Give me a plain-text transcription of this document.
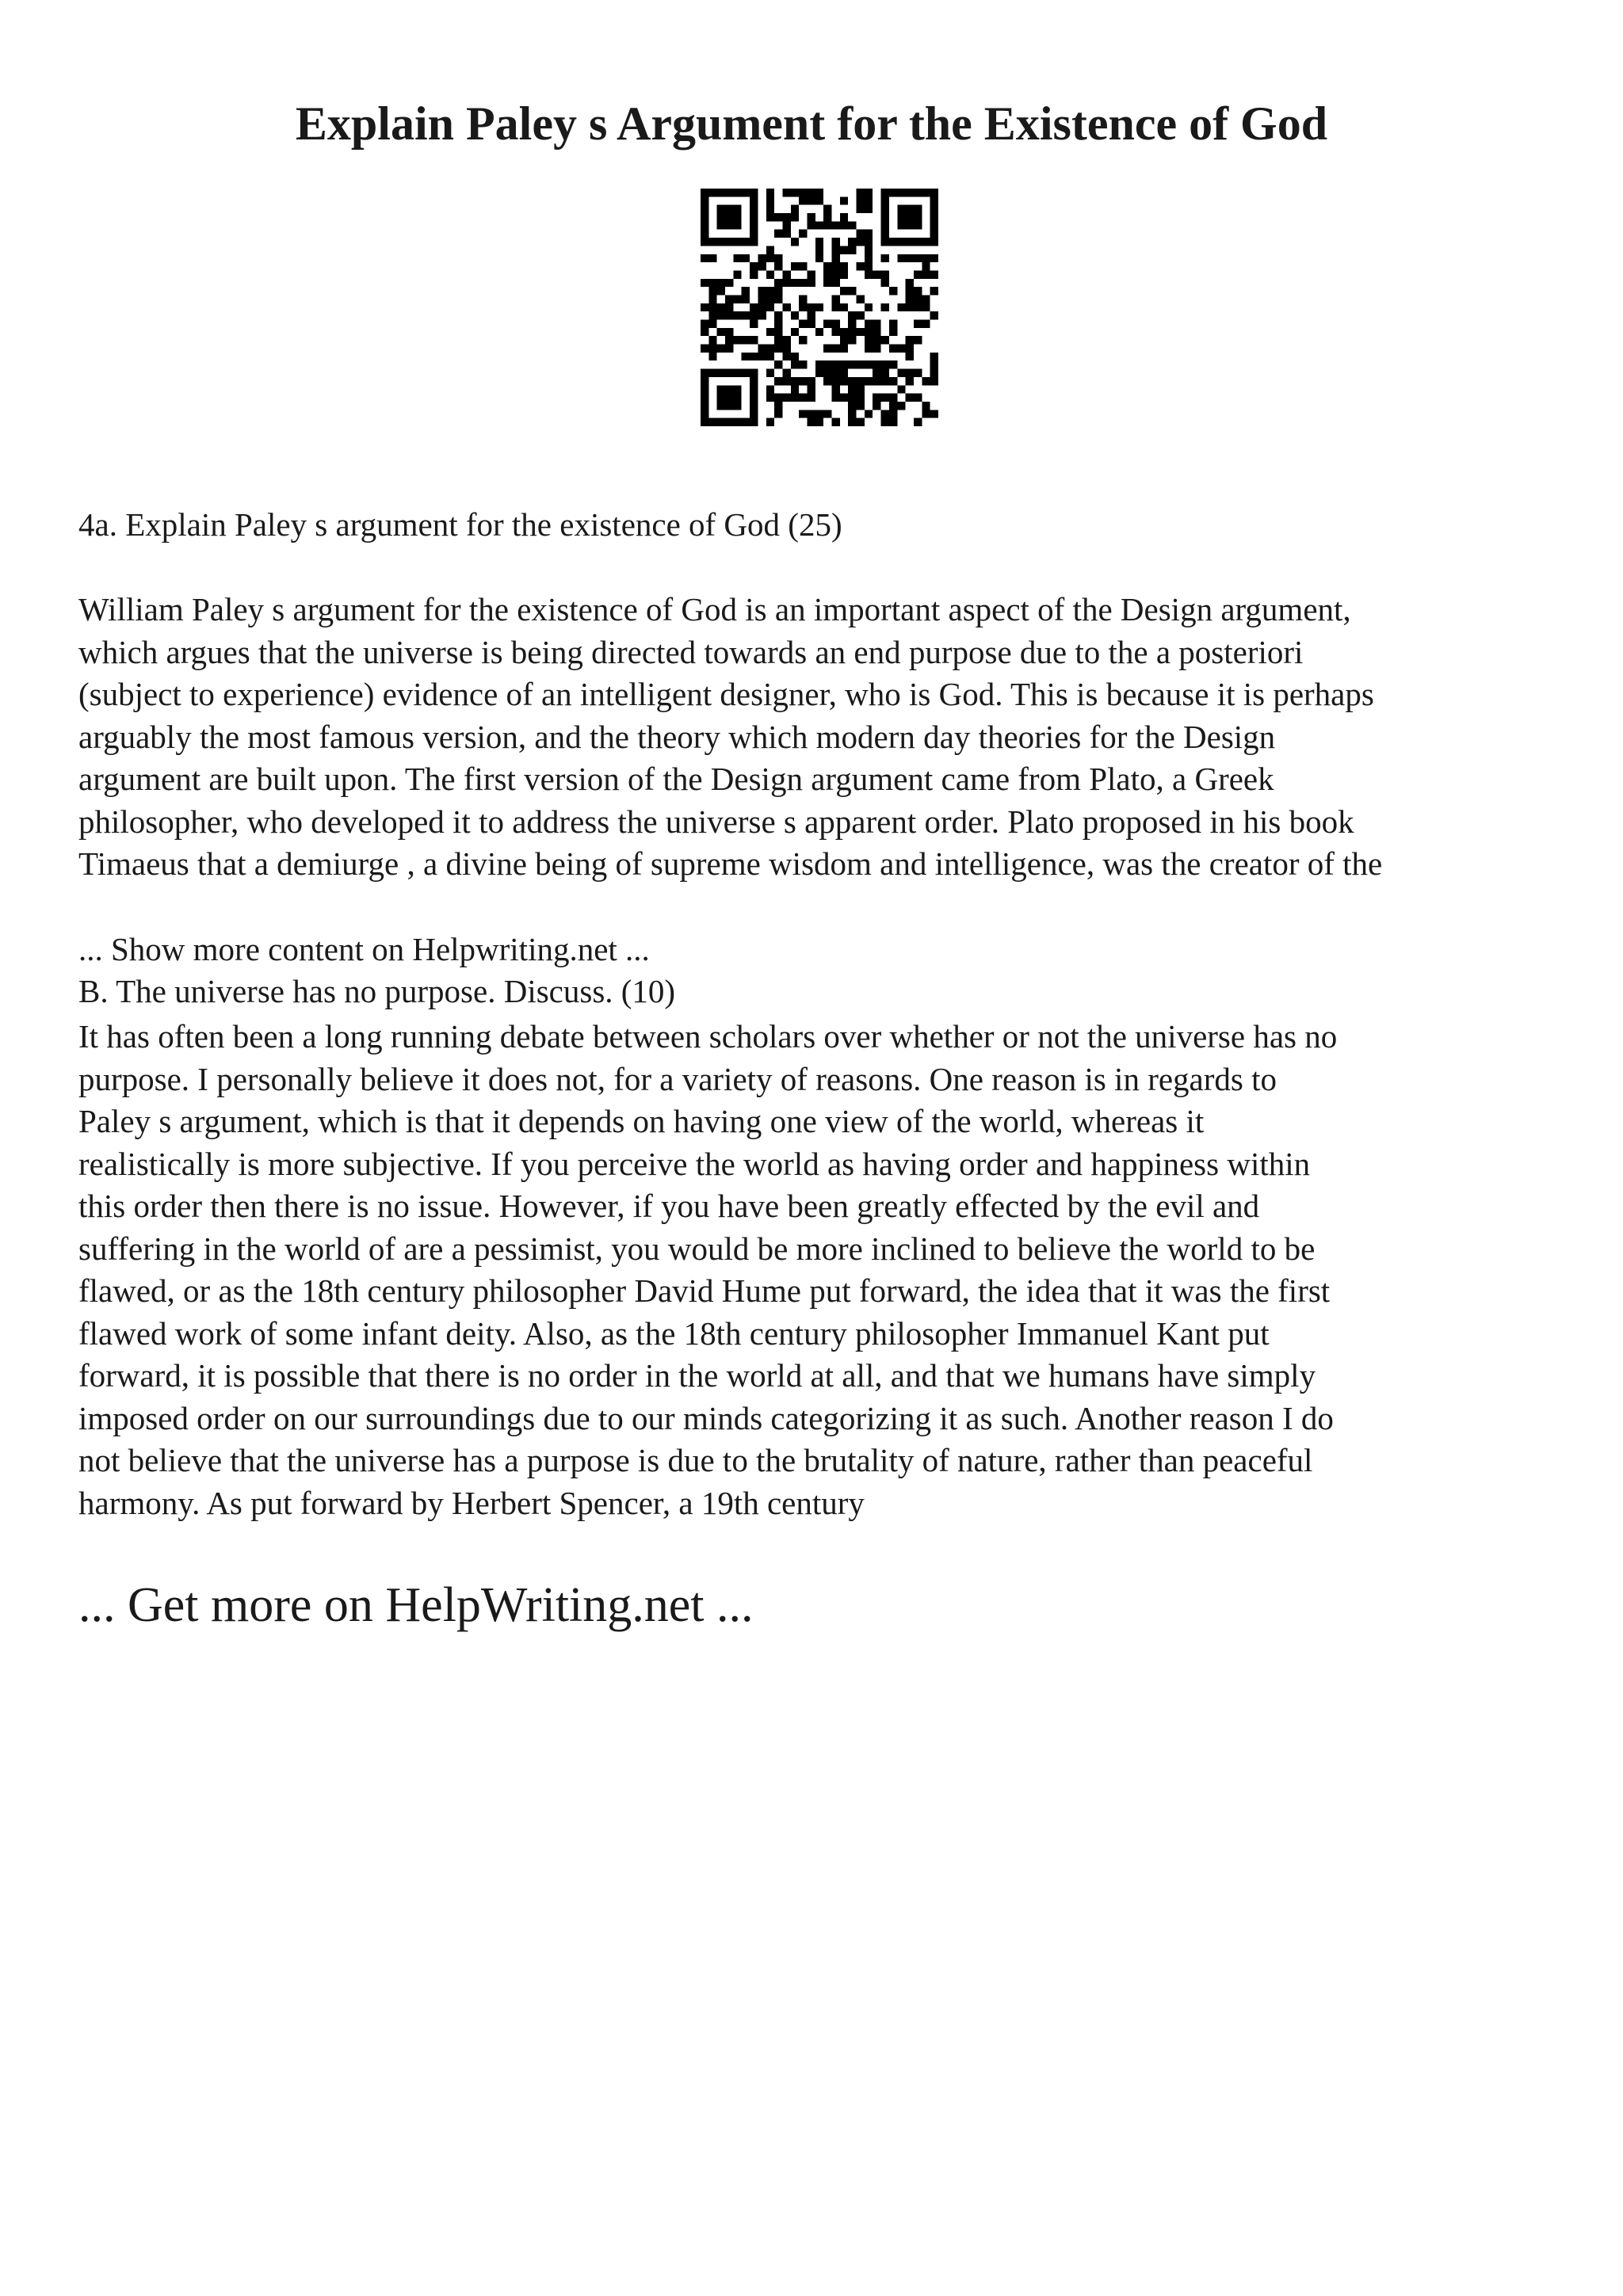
Explain Paley s Argument for the Existence of God

4a. Explain Paley s argument for the existence of God (25)

William Paley s argument for the existence of God is an important aspect of the Design argument,
which argues that the universe is being directed towards an end purpose due to the a posteriori
(subject to experience) evidence of an intelligent designer, who is God. This is because it is perhaps
arguably the most famous version, and the theory which modern day theories for the Design
argument are built upon. The first version of the Design argument came from Plato, a Greek
philosopher, who developed it to address the universe s apparent order. Plato proposed in his book
Timaeus that a demiurge , a divine being of supreme wisdom and intelligence, was the creator of the

... Show more content on Helpwriting.net ...

B. The universe has no purpose. Discuss. (10)

It has often been a long running debate between scholars over whether or not the universe has no
purpose. I personally believe it does not, for a variety of reasons. One reason is in regards to
Paley s argument, which is that it depends on having one view of the world, whereas it
realistically is more subjective. If you perceive the world as having order and happiness within
this order then there is no issue. However, if you have been greatly effected by the evil and
suffering in the world of are a pessimist, you would be more inclined to believe the world to be
flawed, or as the 18th century philosopher David Hume put forward, the idea that it was the first
flawed work of some infant deity. Also, as the 18th century philosopher Immanuel Kant put
forward, it is possible that there is no order in the world at all, and that we humans have simply
imposed order on our surroundings due to our minds categorizing it as such. Another reason I do
not believe that the universe has a purpose is due to the brutality of nature, rather than peaceful
harmony. As put forward by Herbert Spencer, a 19th century

... Get more on HelpWriting.net ...
